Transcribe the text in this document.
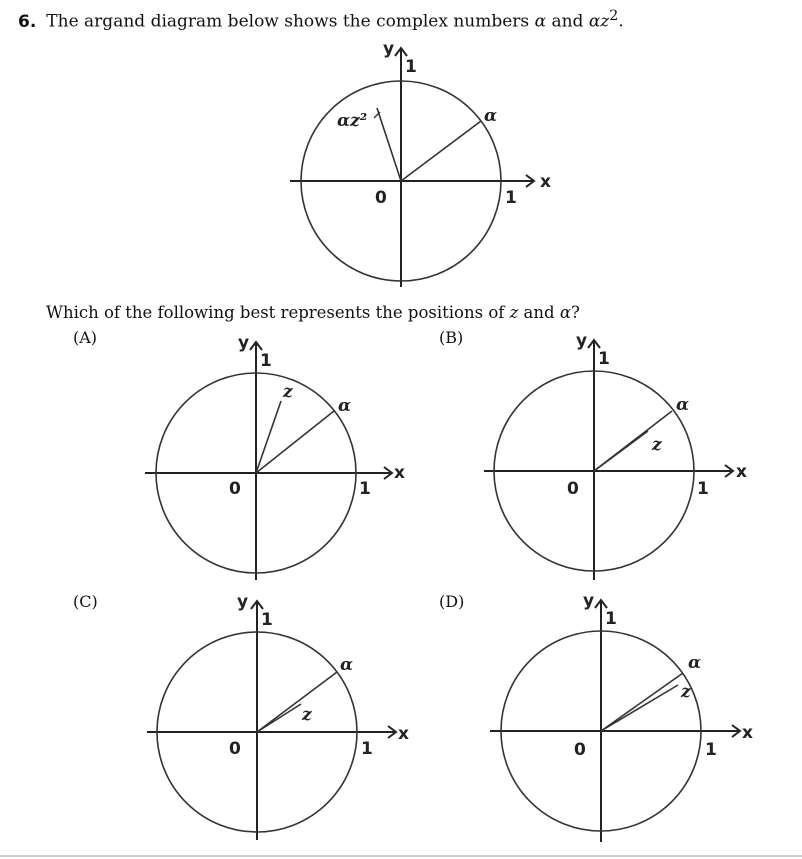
6. The argand diagram below shows the complex numbers α and $\alpha z^2$.
y
1
x
1
0
α
αz²
Which of the following best represents the positions of z and α?
(A)	(B)
(C)	(D)
y
1
x
1
0
z
α
y
1
x
1
0
z
α
y
1
x
1
0
z
α
y
1
x
1
0
z
α
